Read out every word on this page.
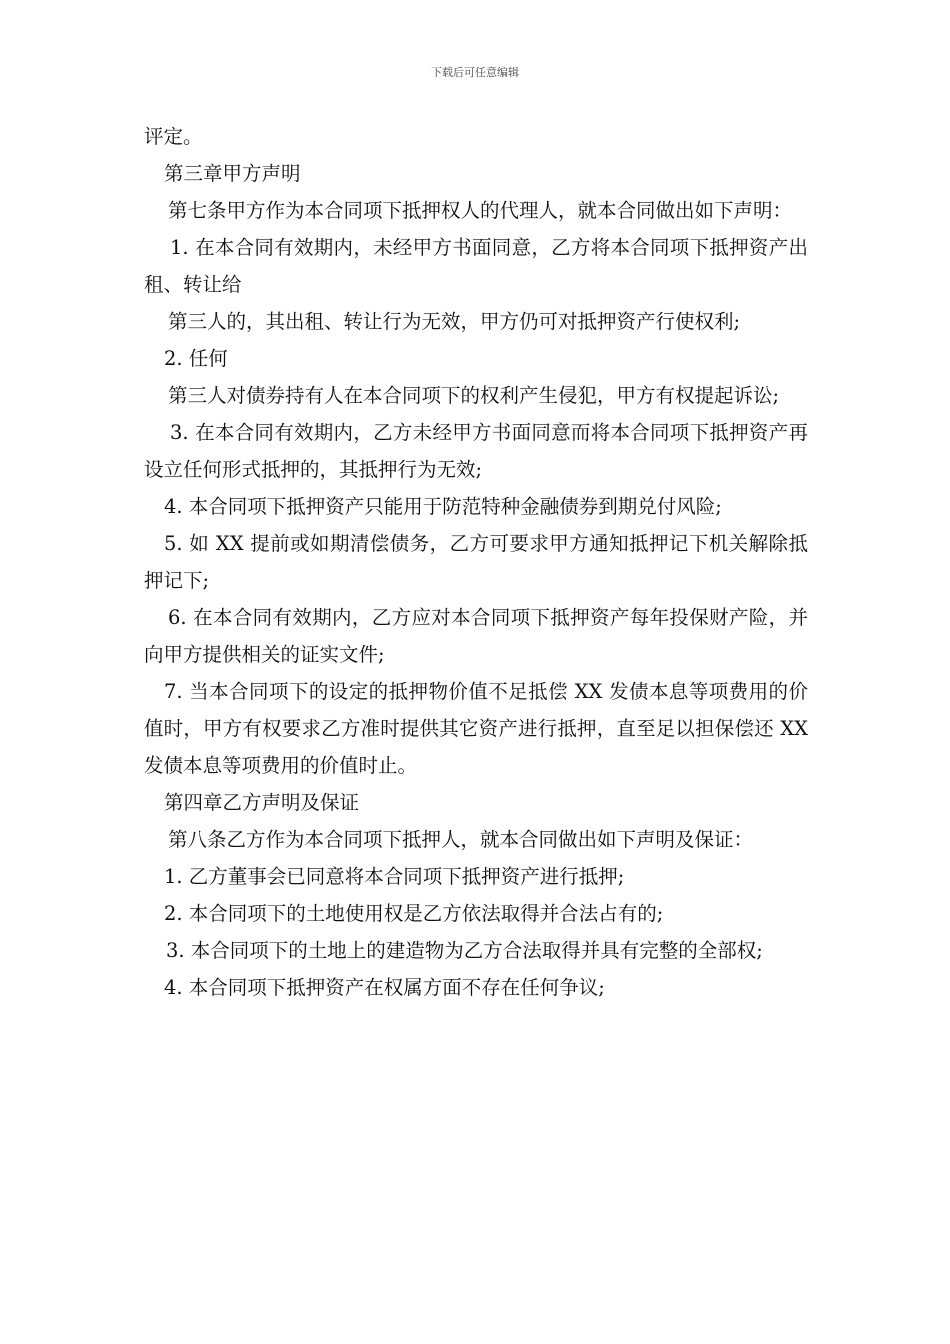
下载后可任意编辑

评定。

第三章甲方声明

第七条甲方作为本合同项下抵押权人的代理人，就本合同做出如下声明：

1. 在本合同有效期内，未经甲方书面同意，乙方将本合同项下抵押资产出租、转让给

第三人的，其出租、转让行为无效，甲方仍可对抵押资产行使权利;

2. 任何

第三人对债券持有人在本合同项下的权利产生侵犯，甲方有权提起诉讼;

3. 在本合同有效期内，乙方未经甲方书面同意而将本合同项下抵押资产再设立任何形式抵押的，其抵押行为无效;

4. 本合同项下抵押资产只能用于防范特种金融债券到期兑付风险;

5. 如 XX 提前或如期清偿债务，乙方可要求甲方通知抵押记下机关解除抵押记下;

6. 在本合同有效期内，乙方应对本合同项下抵押资产每年投保财产险，并向甲方提供相关的证实文件;

7. 当本合同项下的设定的抵押物价值不足抵偿 XX 发债本息等项费用的价值时，甲方有权要求乙方准时提供其它资产进行抵押，直至足以担保偿还 XX 发债本息等项费用的价值时止。

第四章乙方声明及保证

第八条乙方作为本合同项下抵押人，就本合同做出如下声明及保证：

1. 乙方董事会已同意将本合同项下抵押资产进行抵押;

2. 本合同项下的土地使用权是乙方依法取得并合法占有的;

3. 本合同项下的土地上的建造物为乙方合法取得并具有完整的全部权;

4. 本合同项下抵押资产在权属方面不存在任何争议;
